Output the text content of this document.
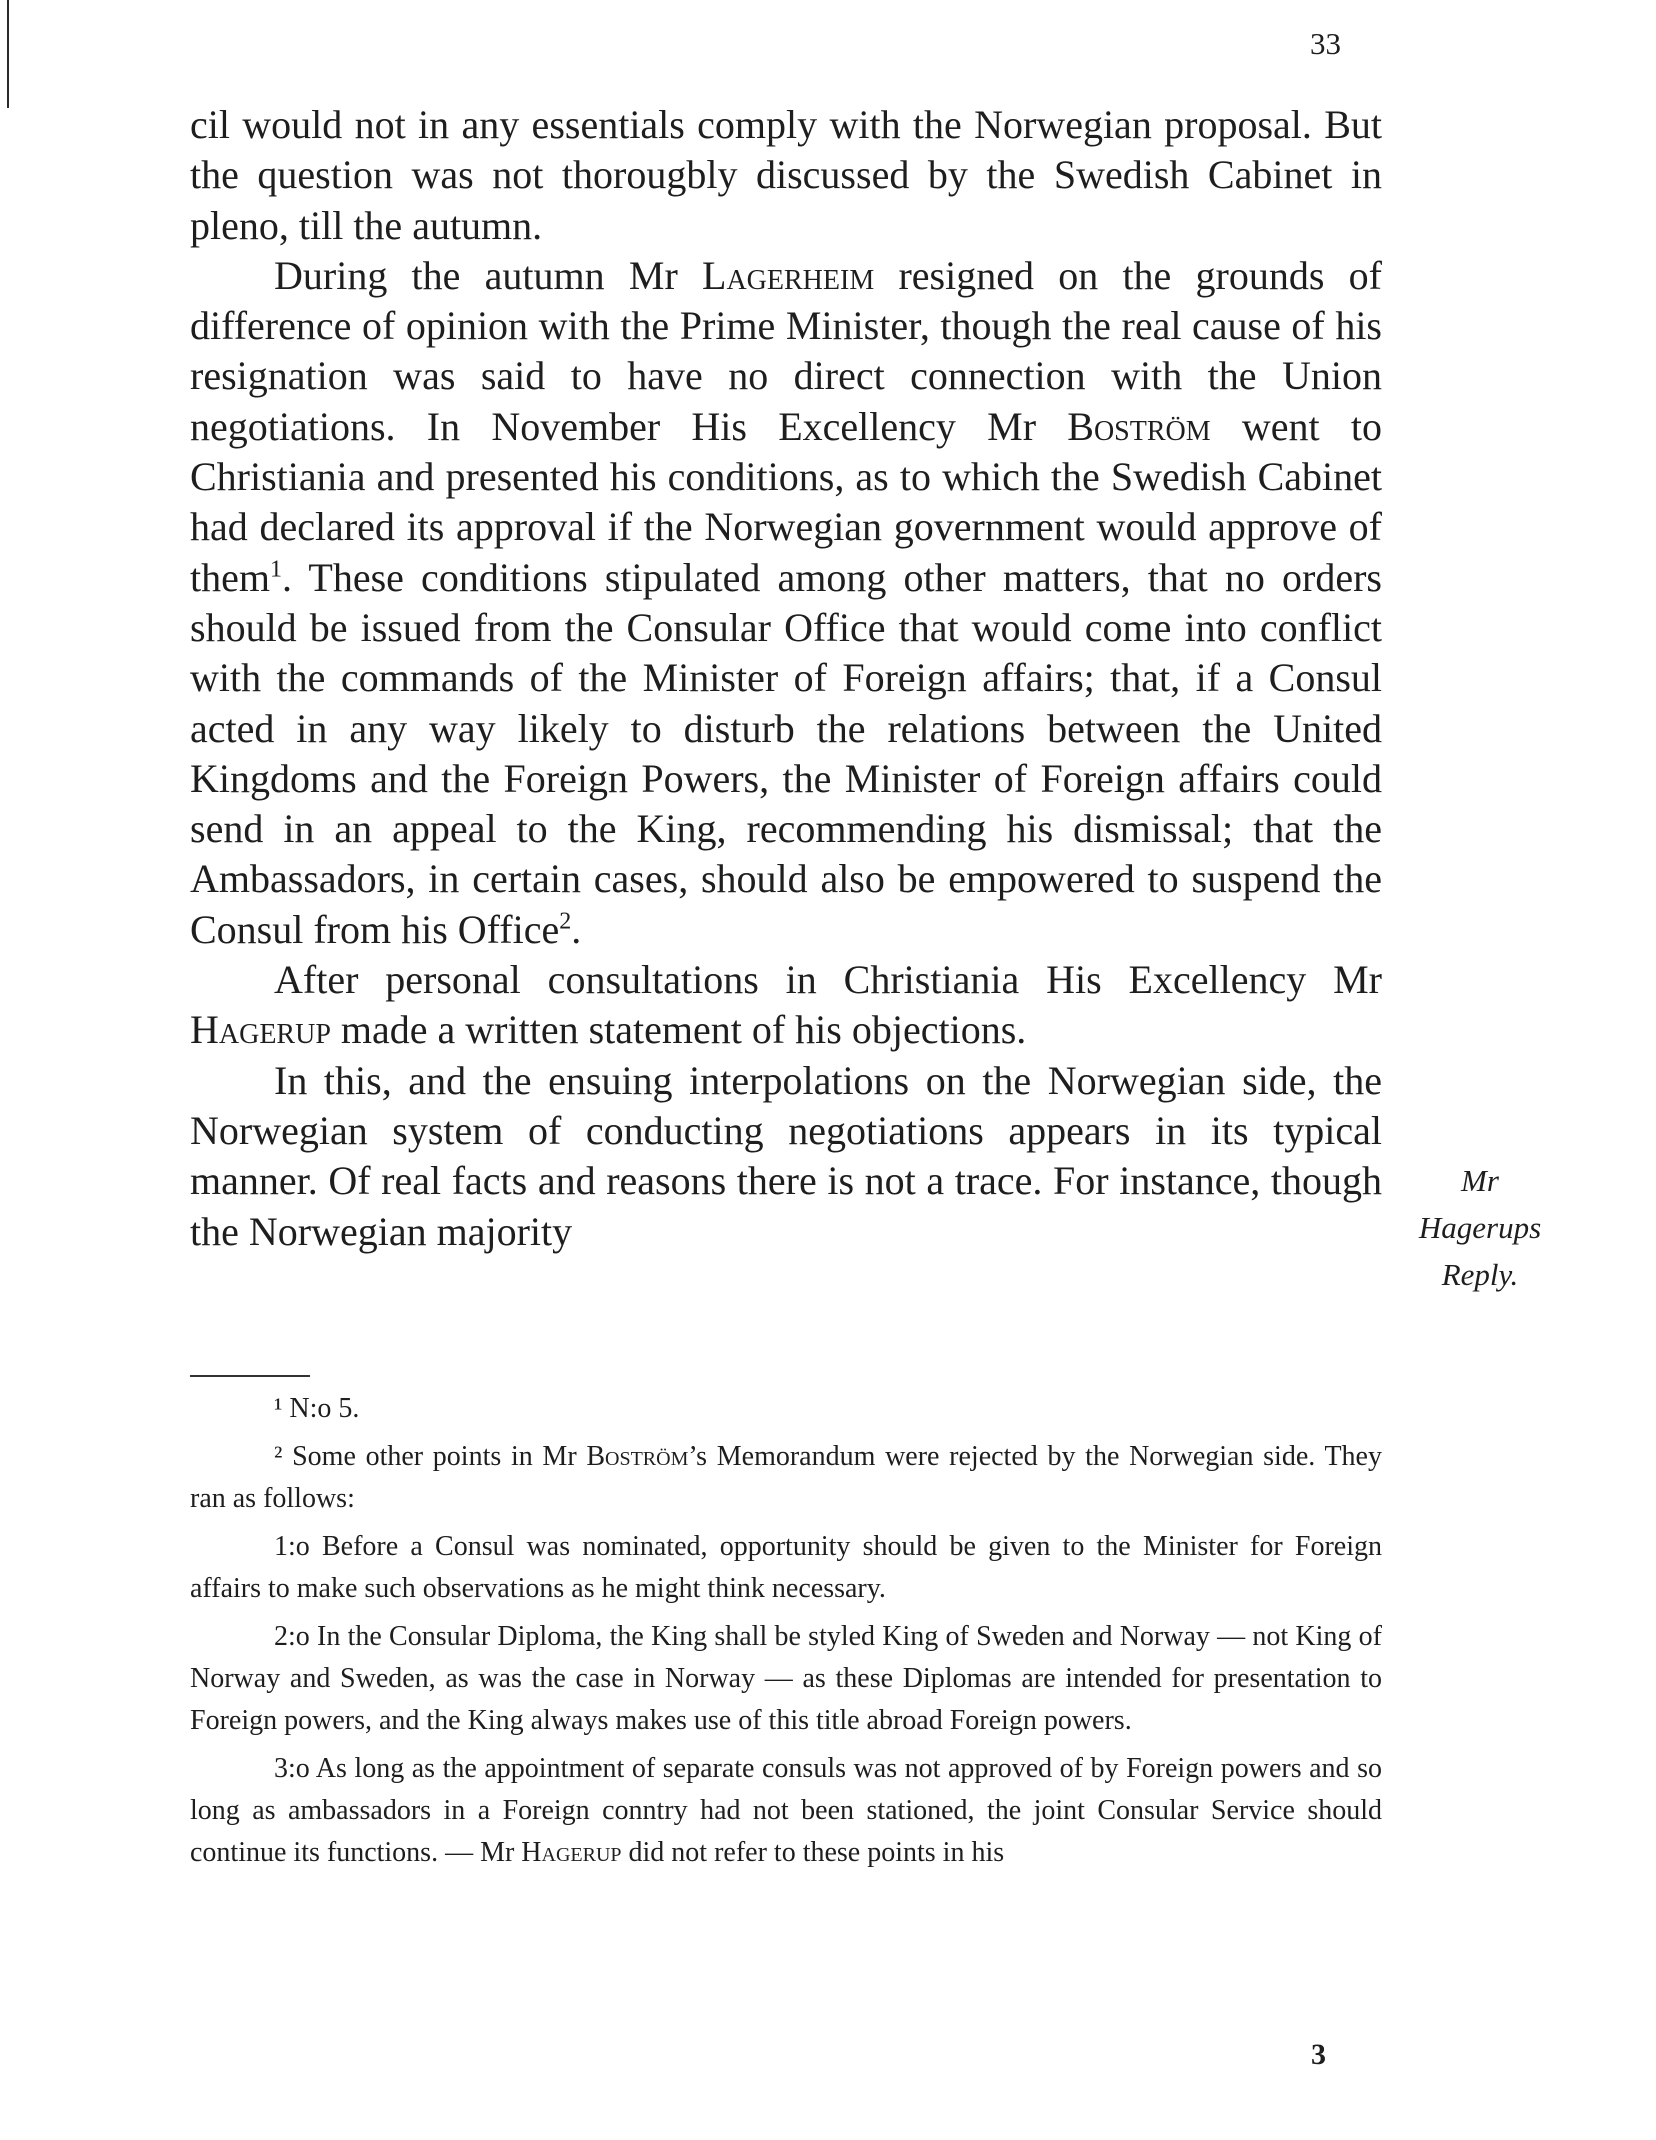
33

cil would not in any essentials comply with the Norwegian proposal. But the question was not thorougbly discussed by the Swedish Cabinet in pleno, till the autumn.

During the autumn Mr Lagerheim resigned on the grounds of difference of opinion with the Prime Minister, though the real cause of his resignation was said to have no direct connection with the Union negotiations. In November His Excellency Mr Boström went to Christiania and presented his conditions, as to which the Swedish Cabinet had declared its approval if the Norwegian government would approve of them$^1$. These conditions stipulated among other matters, that no orders should be issued from the Consular Office that would come into conflict with the commands of the Minister of Foreign affairs; that, if a Consul acted in any way likely to disturb the relations between the United Kingdoms and the Foreign Powers, the Minister of Foreign affairs could send in an appeal to the King, recommending his dismissal; that the Ambassadors, in certain cases, should also be empowered to suspend the Consul from his Office$^2$.

After personal consultations in Christiania His Excellency Mr Hagerup made a written statement of his objections.

In this, and the ensuing interpolations on the Norwegian side, the Norwegian system of conducting negotiations appears in its typical manner. Of real facts and reasons there is not a trace. For instance, though the Norwegian majority

Mr
Hagerups
Reply.

¹ N:o 5.

² Some other points in Mr Boström’s Memorandum were rejected by the Norwegian side. They ran as follows:

1:o Before a Consul was nominated, opportunity should be given to the Minister for Foreign affairs to make such observations as he might think necessary.

2:o In the Consular Diploma, the King shall be styled King of Sweden and Norway — not King of Norway and Sweden, as was the case in Norway — as these Diplomas are intended for presentation to Foreign powers, and the King always makes use of this title abroad Foreign powers.

3:o As long as the appointment of separate consuls was not approved of by Foreign powers and so long as ambassadors in a Foreign conntry had not been stationed, the joint Consular Service should continue its functions. — Mr Hagerup did not refer to these points in his

3
